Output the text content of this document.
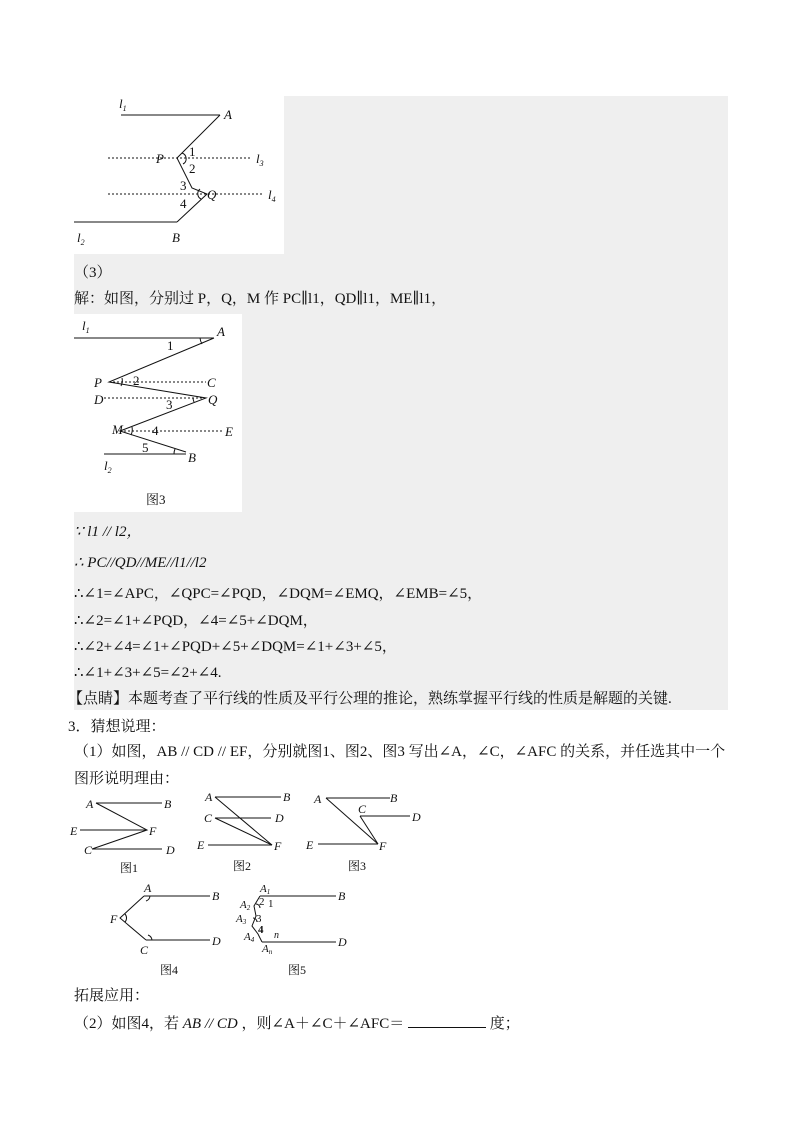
$l_1$	A
P 1
2
$l_3$
3
Q	$l_4$
4
$l_2$	B
（3）
解：如图，分别过 P，Q，M 作 PC∥l1，QD∥l1，ME∥l1，
$l_1$	A
1
P 2	C
D	3	Q
M 4	E
5
B
$l_2$
图3
∵ l1 // l2，
∴ PC//QD//ME//l1//l2
∴∠1=∠APC，∠QPC=∠PQD，∠DQM=∠EMQ，∠EMB=∠5，
∴∠2=∠1+∠PQD，∠4=∠5+∠DQM，
∴∠2+∠4=∠1+∠PQD+∠5+∠DQM=∠1+∠3+∠5，
∴∠1+∠3+∠5=∠2+∠4.
【点睛】本题考查了平行线的性质及平行公理的推论，熟练掌握平行线的性质是解题的关键.
3．猜想说理：
（1）如图，AB // CD // EF，分别就图1、图2、图3 写出∠A，∠C，∠AFC 的关系，并任选其中一个
图形说明理由：
A	B
E	F
C	D
图1
A	B
C	D
E	F
图2
A	B
C
D
E	F
图3
A
B
F
C
D
图4
A1	B
A2 2 1
A3 3
4
A4 n
An
D
图5
拓展应用：
（2）如图4，若 AB // CD ，则∠A＋∠C＋∠AFC＝	度；
